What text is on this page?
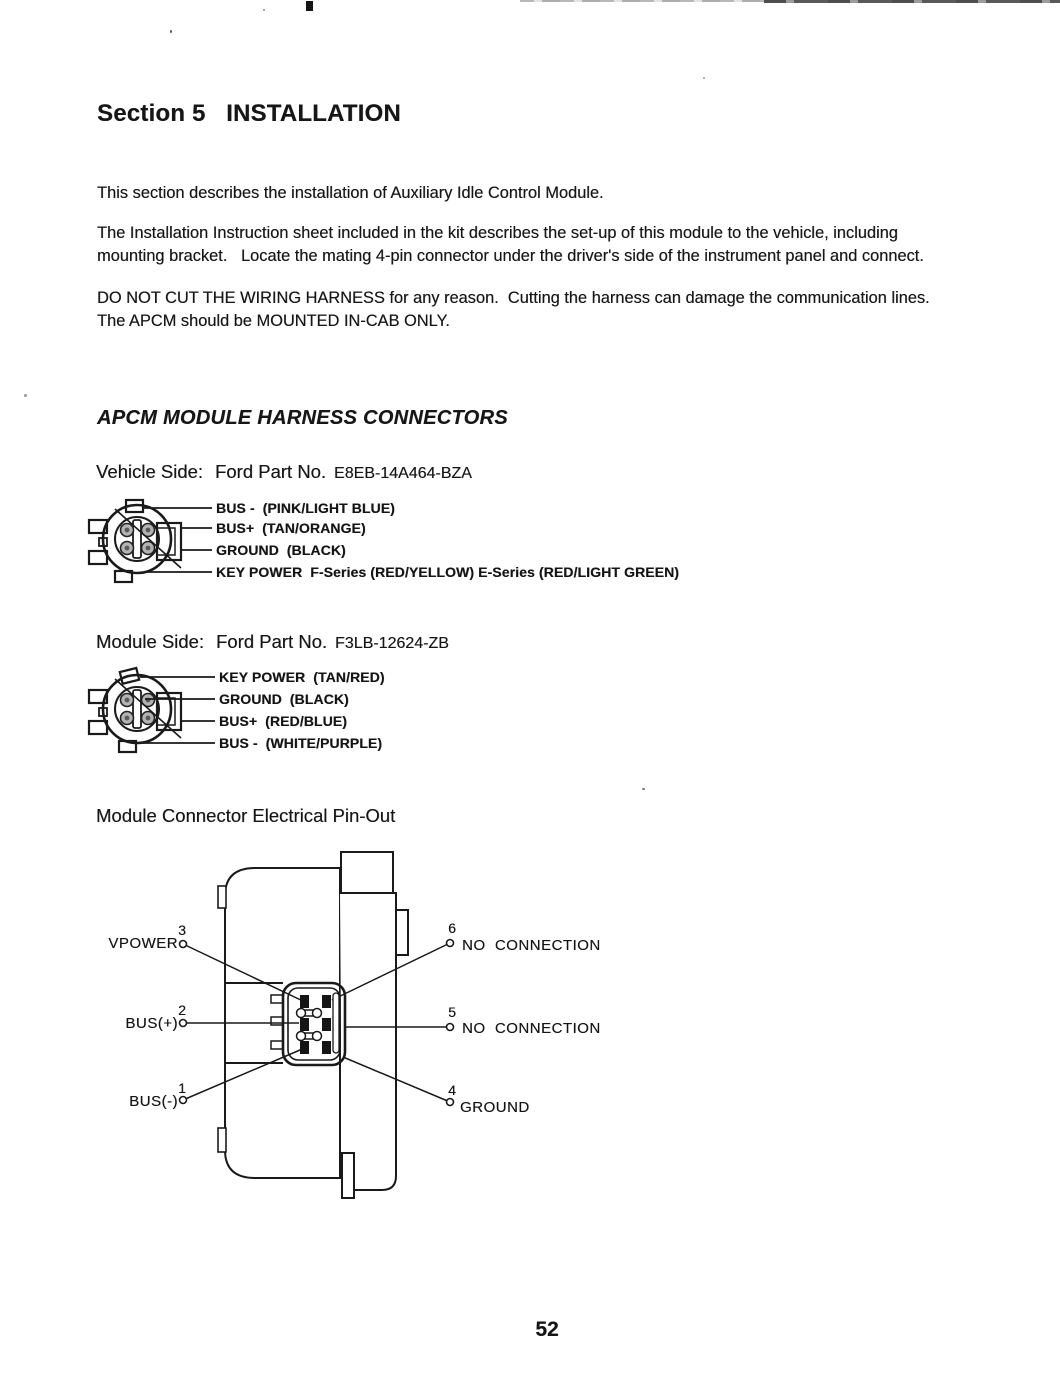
Section 5   INSTALLATION
This section describes the installation of Auxiliary Idle Control Module.
The Installation Instruction sheet included in the kit describes the set-up of this module to the vehicle, including
mounting bracket.   Locate the mating 4-pin connector under the driver's side of the instrument panel and connect.
DO NOT CUT THE WIRING HARNESS for any reason.  Cutting the harness can damage the communication lines.
The APCM should be MOUNTED IN-CAB ONLY.
APCM MODULE HARNESS CONNECTORS
Vehicle Side: Ford Part No. E8EB-14A464-BZA
BUS -  (PINK/LIGHT BLUE)
BUS+  (TAN/ORANGE)
GROUND  (BLACK)
KEY POWER  F-Series (RED/YELLOW) E-Series (RED/LIGHT GREEN)
Module Side: Ford Part No. F3LB-12624-ZB
KEY POWER  (TAN/RED)
GROUND  (BLACK)
BUS+  (RED/BLUE)
BUS -  (WHITE/PURPLE)
Module Connector Electrical Pin-Out
VPOWER
3
BUS(+)
2
BUS(-)
1
6
NO  CONNECTION
5
NO  CONNECTION
4
GROUND
52
